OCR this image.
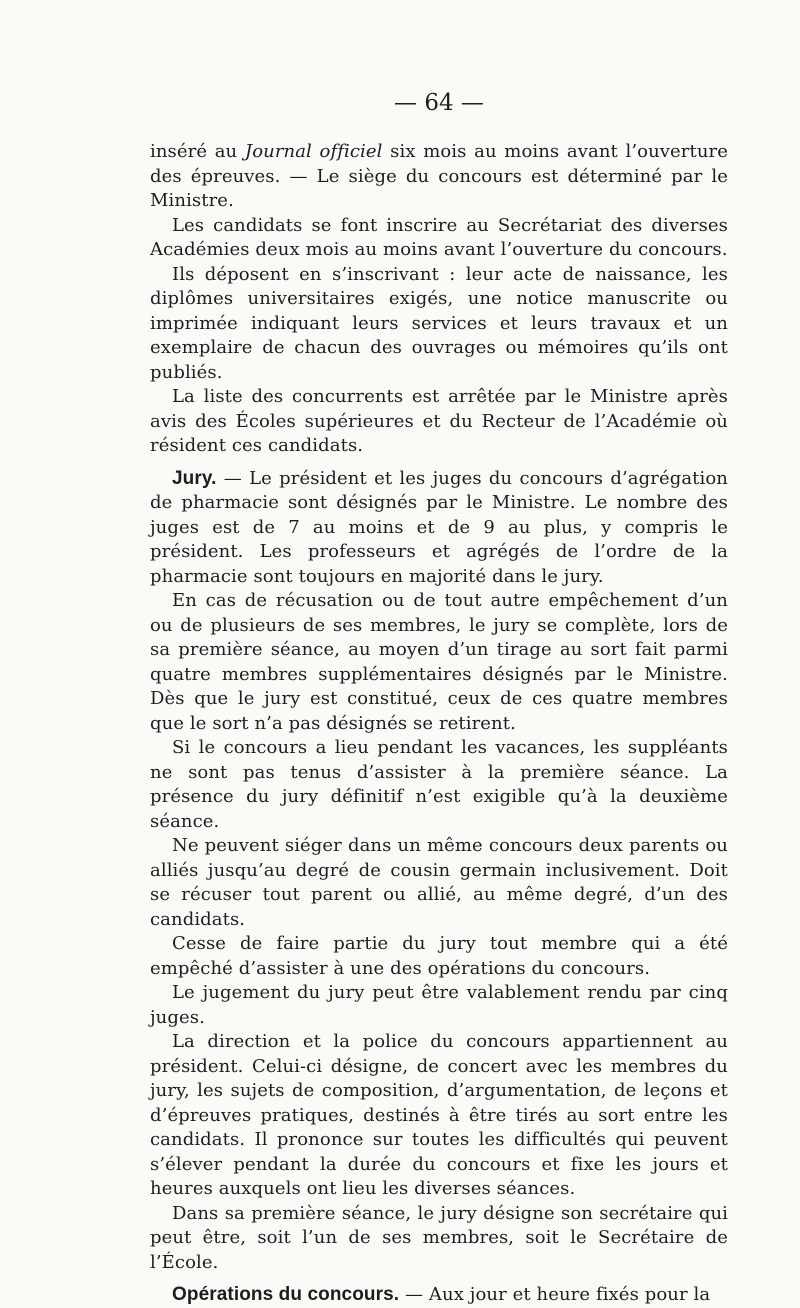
— 64 —

inséré au Journal officiel six mois au moins avant l’ouverture des épreuves. — Le siège du concours est déterminé par le Ministre.

Les candidats se font inscrire au Secrétariat des diverses Académies deux mois au moins avant l’ouverture du concours.

Ils déposent en s’inscrivant : leur acte de naissance, les diplômes universitaires exigés, une notice manuscrite ou imprimée indiquant leurs services et leurs travaux et un exemplaire de chacun des ouvrages ou mémoires qu’ils ont publiés.

La liste des concurrents est arrêtée par le Ministre après avis des Écoles supérieures et du Recteur de l’Académie où résident ces candidats.

Jury. — Le président et les juges du concours d’agrégation de pharmacie sont désignés par le Ministre. Le nombre des juges est de 7 au moins et de 9 au plus, y compris le président. Les professeurs et agrégés de l’ordre de la pharmacie sont toujours en majorité dans le jury.

En cas de récusation ou de tout autre empêchement d’un ou de plusieurs de ses membres, le jury se complète, lors de sa première séance, au moyen d’un tirage au sort fait parmi quatre membres supplémentaires désignés par le Ministre. Dès que le jury est constitué, ceux de ces quatre membres que le sort n’a pas désignés se retirent.

Si le concours a lieu pendant les vacances, les suppléants ne sont pas tenus d’assister à la première séance. La présence du jury définitif n’est exigible qu’à la deuxième séance.

Ne peuvent siéger dans un même concours deux parents ou alliés jusqu’au degré de cousin germain inclusivement. Doit se récuser tout parent ou allié, au même degré, d’un des candidats.

Cesse de faire partie du jury tout membre qui a été empêché d’assister à une des opérations du concours.

Le jugement du jury peut être valablement rendu par cinq juges.

La direction et la police du concours appartiennent au président. Celui-ci désigne, de concert avec les membres du jury, les sujets de composition, d’argumentation, de leçons et d’épreuves pratiques, destinés à être tirés au sort entre les candidats. Il prononce sur toutes les difficultés qui peuvent s’élever pendant la durée du concours et fixe les jours et heures auxquels ont lieu les diverses séances.

Dans sa première séance, le jury désigne son secrétaire qui peut être, soit l’un de ses membres, soit le Secrétaire de l’École.

Opérations du concours. — Aux jour et heure fixés pour la
